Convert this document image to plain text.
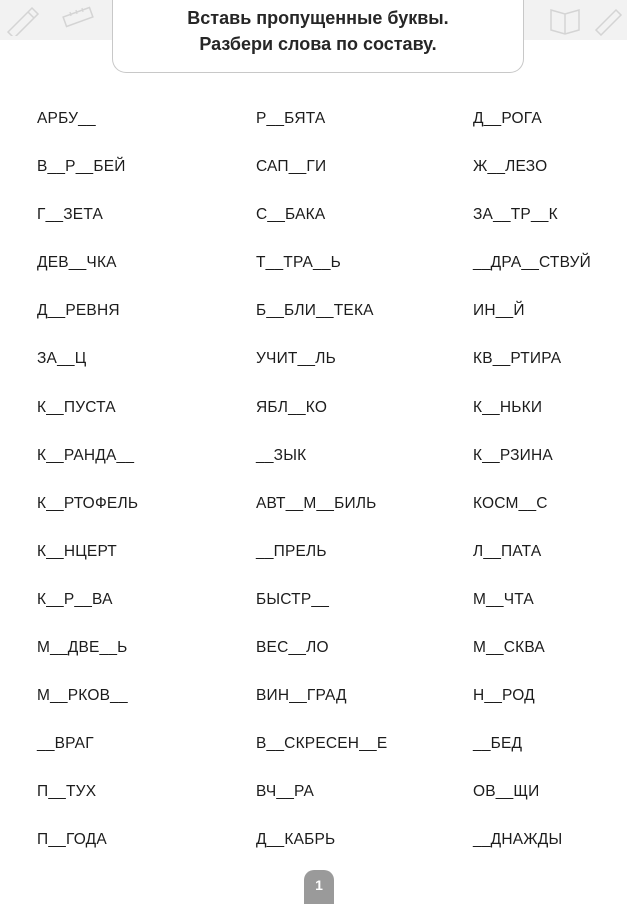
Вставь пропущенные буквы.
Разбери слова по составу.
АРБУ__	Р__БЯТА	Д__РОГА
В__Р__БЕЙ	САП__ГИ	Ж__ЛЕЗО
Г__ЗЕТА	С__БАКА	ЗА__ТР__К
ДЕВ__ЧКА	Т__ТРА__Ь	__ДРА__СТВУЙ
Д__РЕВНЯ	Б__БЛИ__ТЕКА	ИН__Й
ЗА__Ц	УЧИТ__ЛЬ	КВ__РТИРА
К__ПУСТА	ЯБЛ__КО	К__НЬКИ
К__РАНДА__	__ЗЫК	К__РЗИНА
К__РТОФЕЛЬ	АВТ__М__БИЛЬ	КОСМ__С
К__НЦЕРТ	__ПРЕЛЬ	Л__ПАТА
К__Р__ВА	БЫСТР__	М__ЧТА
М__ДВЕ__Ь	ВЕС__ЛО	М__СКВА
М__РКОВ__	ВИН__ГРАД	Н__РОД
__ВРАГ	В__СКРЕСЕН__Е	__БЕД
П__ТУХ	ВЧ__РА	ОВ__ЩИ
П__ГОДА	Д__КАБРЬ	__ДНАЖДЫ
1
